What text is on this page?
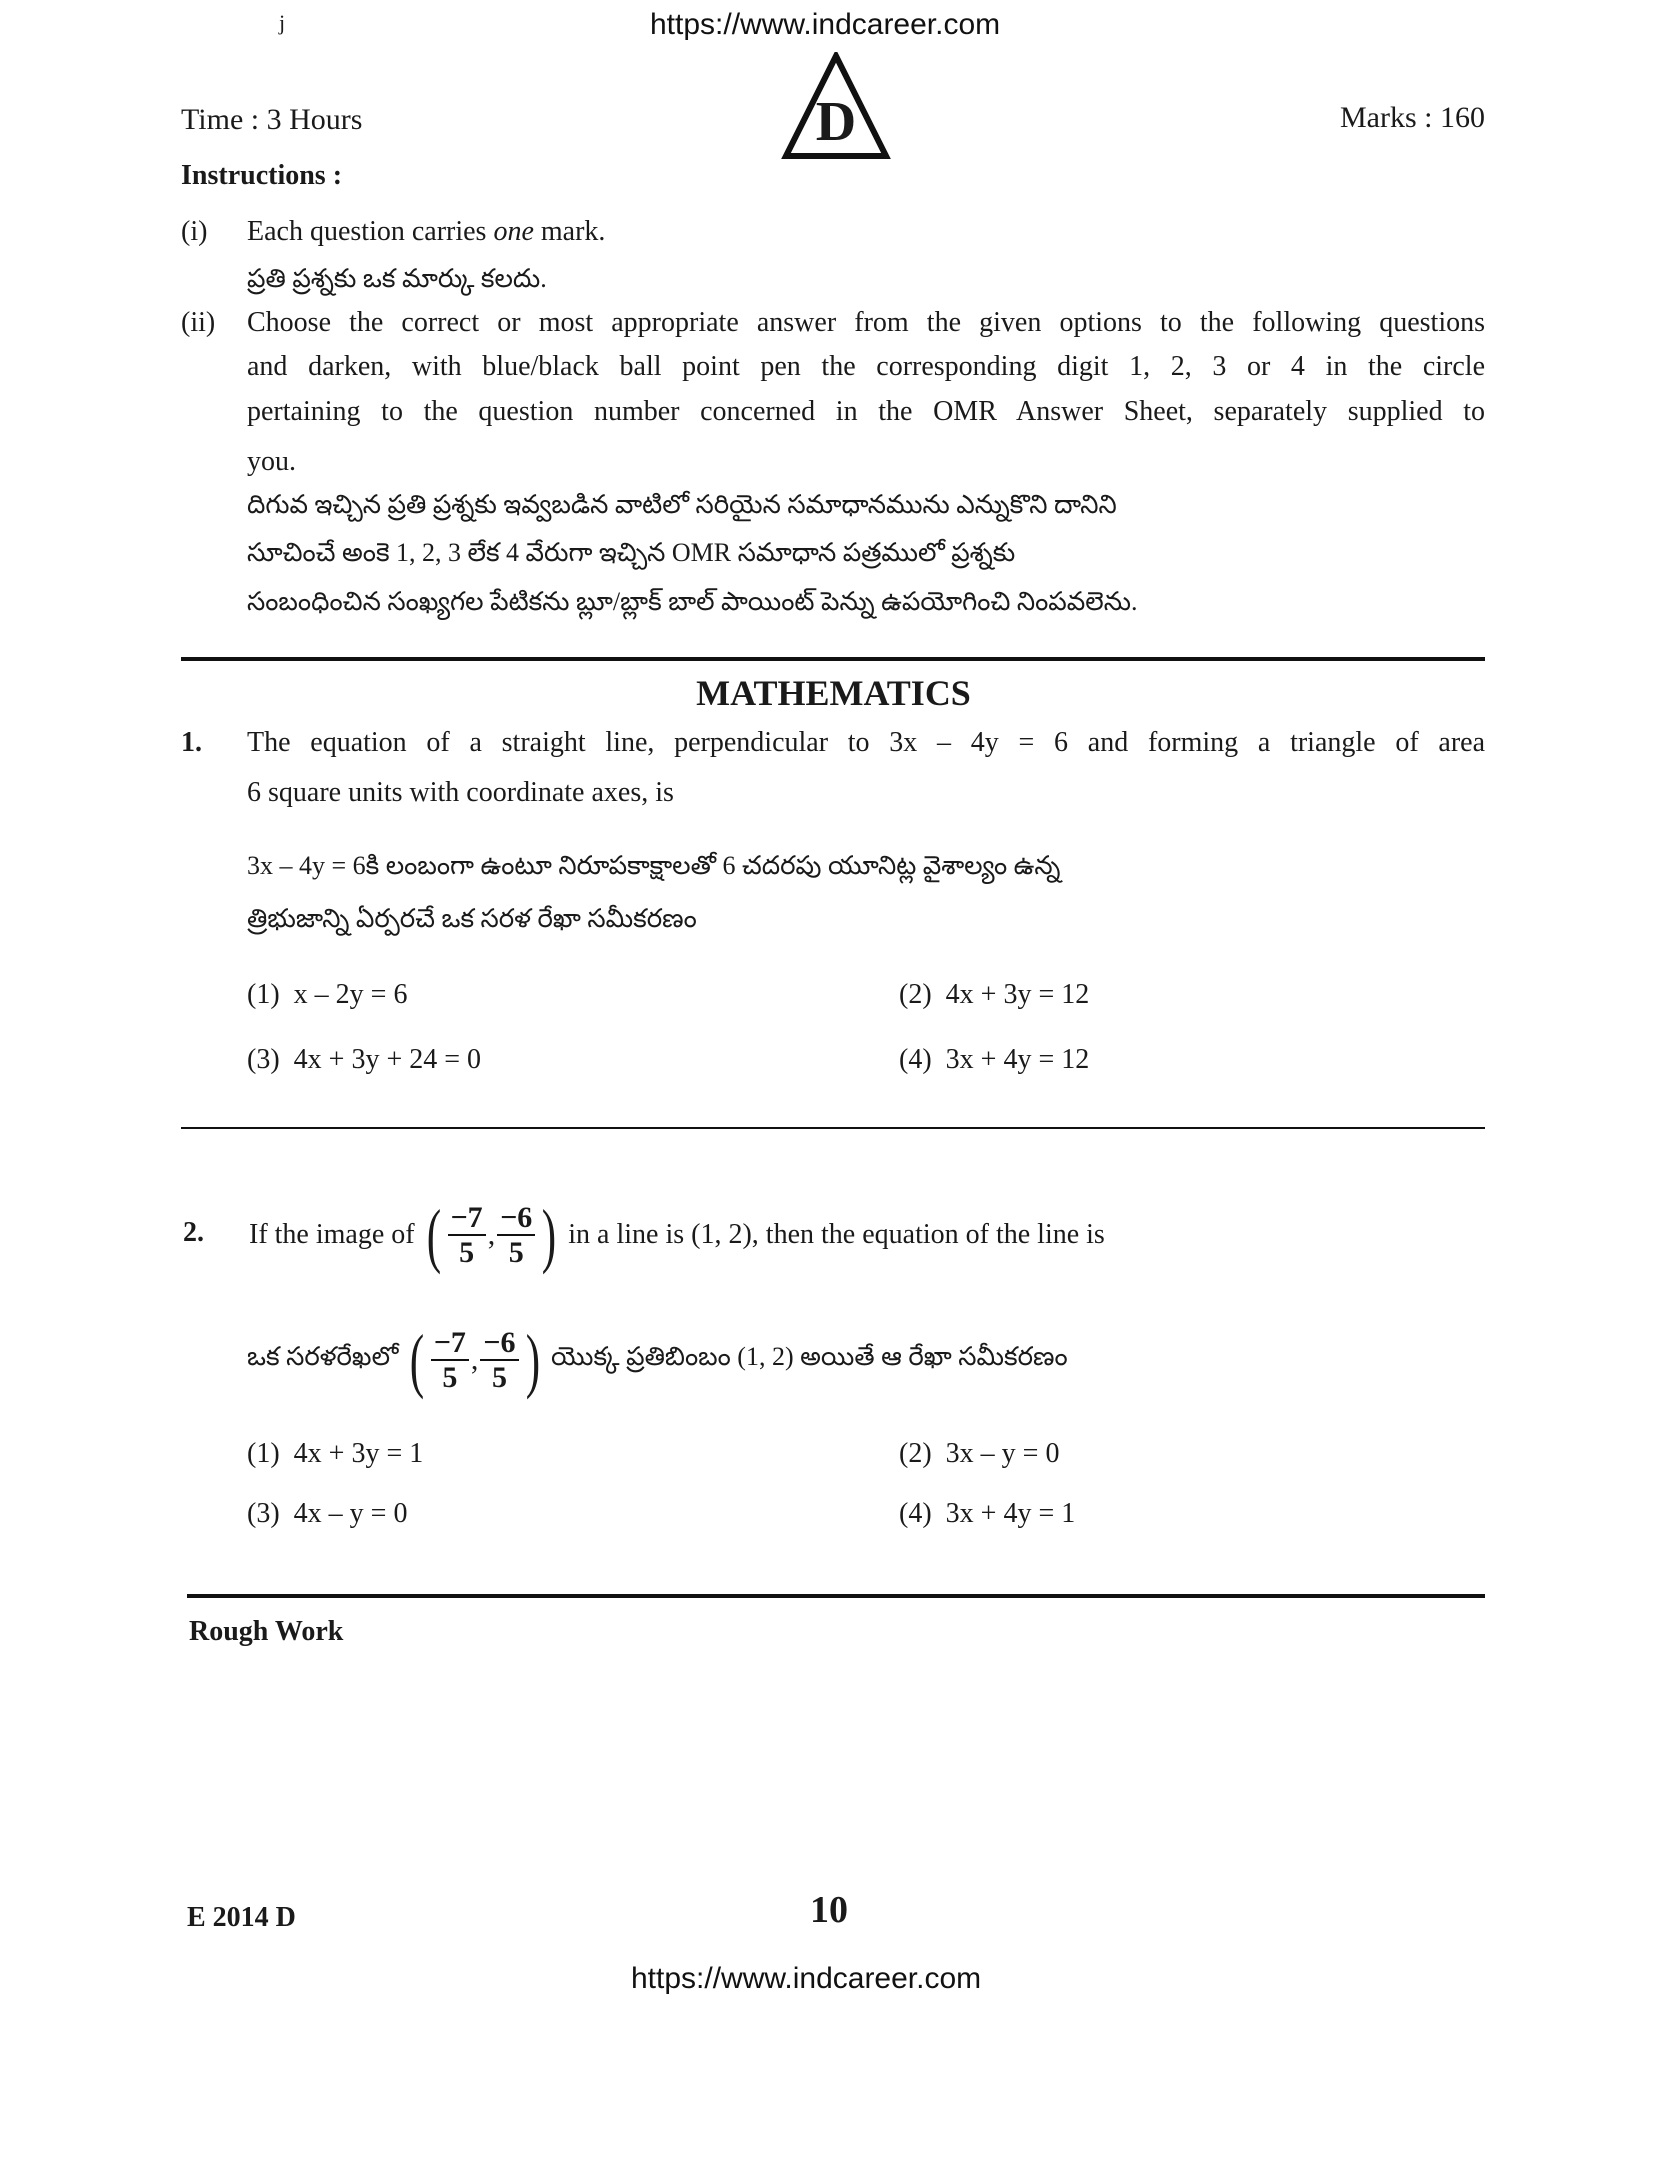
j
Time : 3 Hours	D
https://www.indcareer.com
Marks : 160
Instructions :
(i) Each question carries one mark.
ప్రతి ప్రశ్నకు ఒక మార్కు కలదు.
(ii) Choose the correct or most appropriate answer from the given options to the following questions
and darken, with blue/black ball point pen the corresponding digit 1, 2, 3 or 4 in the circle
pertaining to the question number concerned in the OMR Answer Sheet, separately supplied to
you.
దిగువ ఇచ్చిన ప్రతి ప్రశ్నకు ఇవ్వబడిన వాటిలో సరియైన సమాధానమును ఎన్నుకొని దానిని
సూచించే అంకె 1, 2, 3 లేక 4 వేరుగా ఇచ్చిన OMR సమాధాన పత్రములో ప్రశ్నకు
సంబంధించిన సంఖ్యగల పేటికను బ్లూ/బ్లాక్ బాల్ పాయింట్ పెన్ను ఉపయోగించి నింపవలెను.
MATHEMATICS
1. The equation of a straight line, perpendicular to 3x – 4y = 6 and forming a triangle of area
6 square units with coordinate axes, is
3x – 4y = 6కి లంబంగా ఉంటూ నిరూపకాక్షాలతో 6 చదరపు యూనిట్ల వైశాల్యం ఉన్న
త్రిభుజాన్ని ఏర్పరచే ఒక సరళ రేఖా సమీకరణం
(1) x – 2y = 6	(2) 4x + 3y = 12
(3) 4x + 3y + 24 = 0	(4) 3x + 4y = 12
2. If the image of
( $\frac{-7}{5}$ , $\frac{-6}{5}$ )
in a line is (1, 2), then the equation of the line is
ఒక సరళరేఖలో
( $\frac{-7}{5}$ , $\frac{-6}{5}$ )
యొక్క ప్రతిబింబం (1, 2) అయితే ఆ రేఖా సమీకరణం
(1) 4x + 3y = 1	(2) 3x – y = 0
(3) 4x – y = 0	(4) 3x + 4y = 1
Rough Work
E 2014 D	10
https://www.indcareer.com
